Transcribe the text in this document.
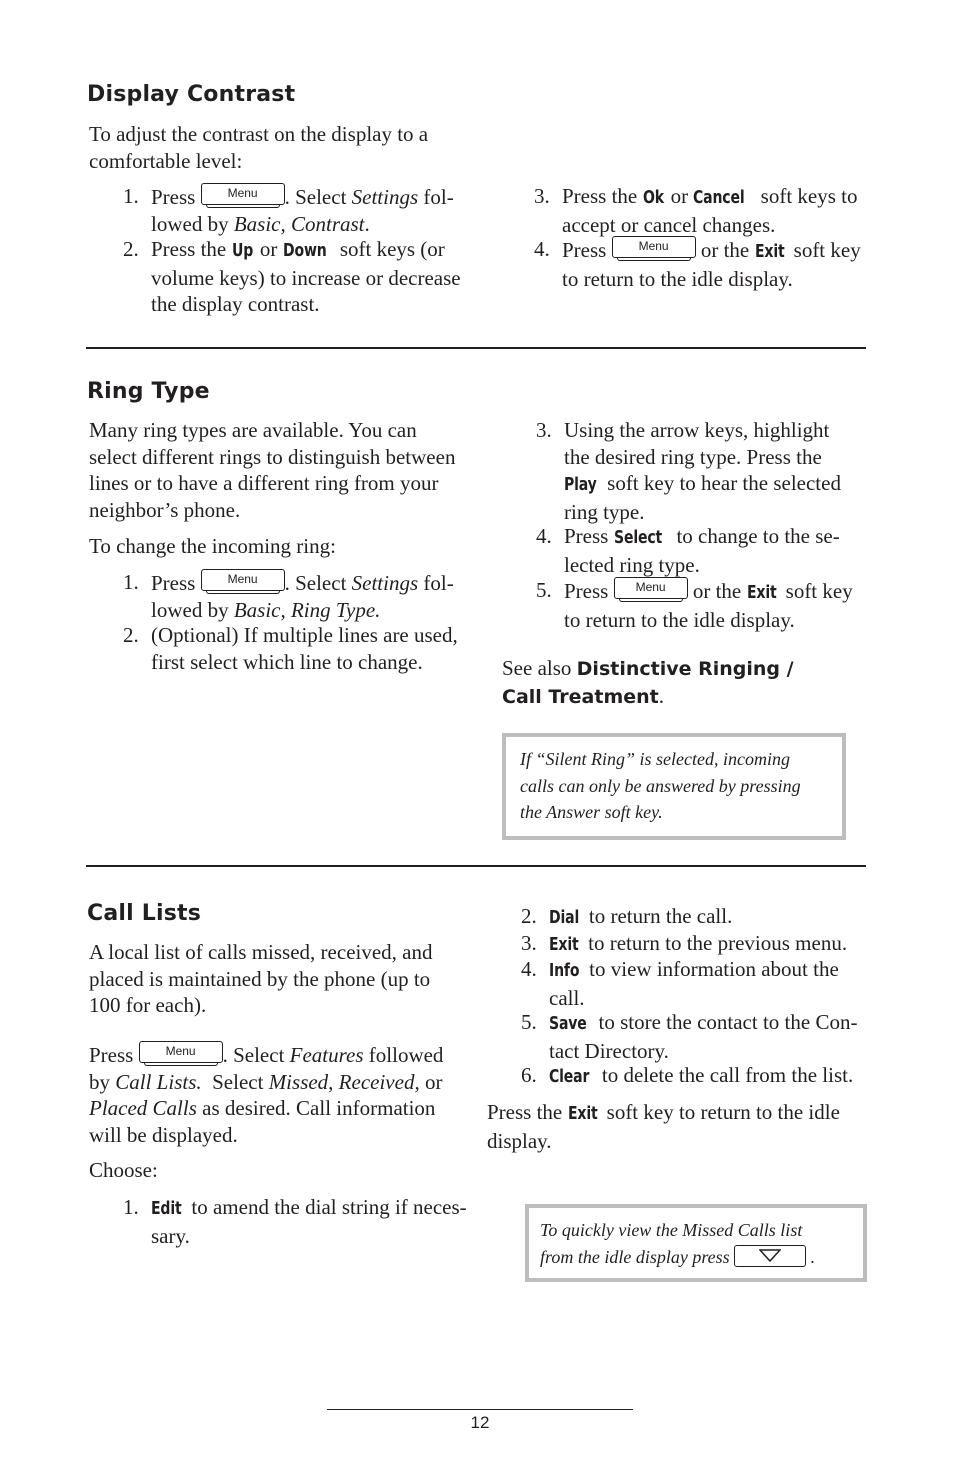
Display Contrast
To adjust the contrast on the display to a
comfortable level:
1. Press	Menu	. Select Settings fol-
lowed by Basic, Contrast.
2. Press the Up or Down soft keys (or
volume keys) to increase or decrease
the display contrast.
3. Press the Ok or Cancel soft keys to
accept or cancel changes.
4. Press	Menu	or the Exit soft key
to return to the idle display.
Ring Type
Many ring types are available. You can
select different rings to distinguish between
lines or to have a different ring from your
neighbor’s phone.
To change the incoming ring:
1. Press	Menu	. Select Settings fol-
lowed by Basic, Ring Type.
2. (Optional) If multiple lines are used,
first select which line to change.
3. Using the arrow keys, highlight
the desired ring type. Press the
Play soft key to hear the selected
ring type.
4. Press Select to change to the se-
lected ring type.
5. Press	Menu	or the Exit soft key
to return to the idle display.
See also Distinctive Ringing /
Call Treatment.
If “Silent Ring” is selected, incoming
calls can only be answered by pressing
the Answer soft key.
Call Lists
A local list of calls missed, received, and
placed is maintained by the phone (up to
100 for each).
Press	Menu	. Select Features followed
by Call Lists. Select Missed, Received, or
Placed Calls as desired. Call information
will be displayed.
Choose:
1. Edit to amend the dial string if neces-
sary.
2. Dial to return the call.
3. Exit to return to the previous menu.
4. Info to view information about the
call.
5. Save to store the contact to the Con-
tact Directory.
6. Clear to delete the call from the list.
Press the Exit soft key to return to the idle
display.
To quickly view the Missed Calls list
from the idle display press	.
12
